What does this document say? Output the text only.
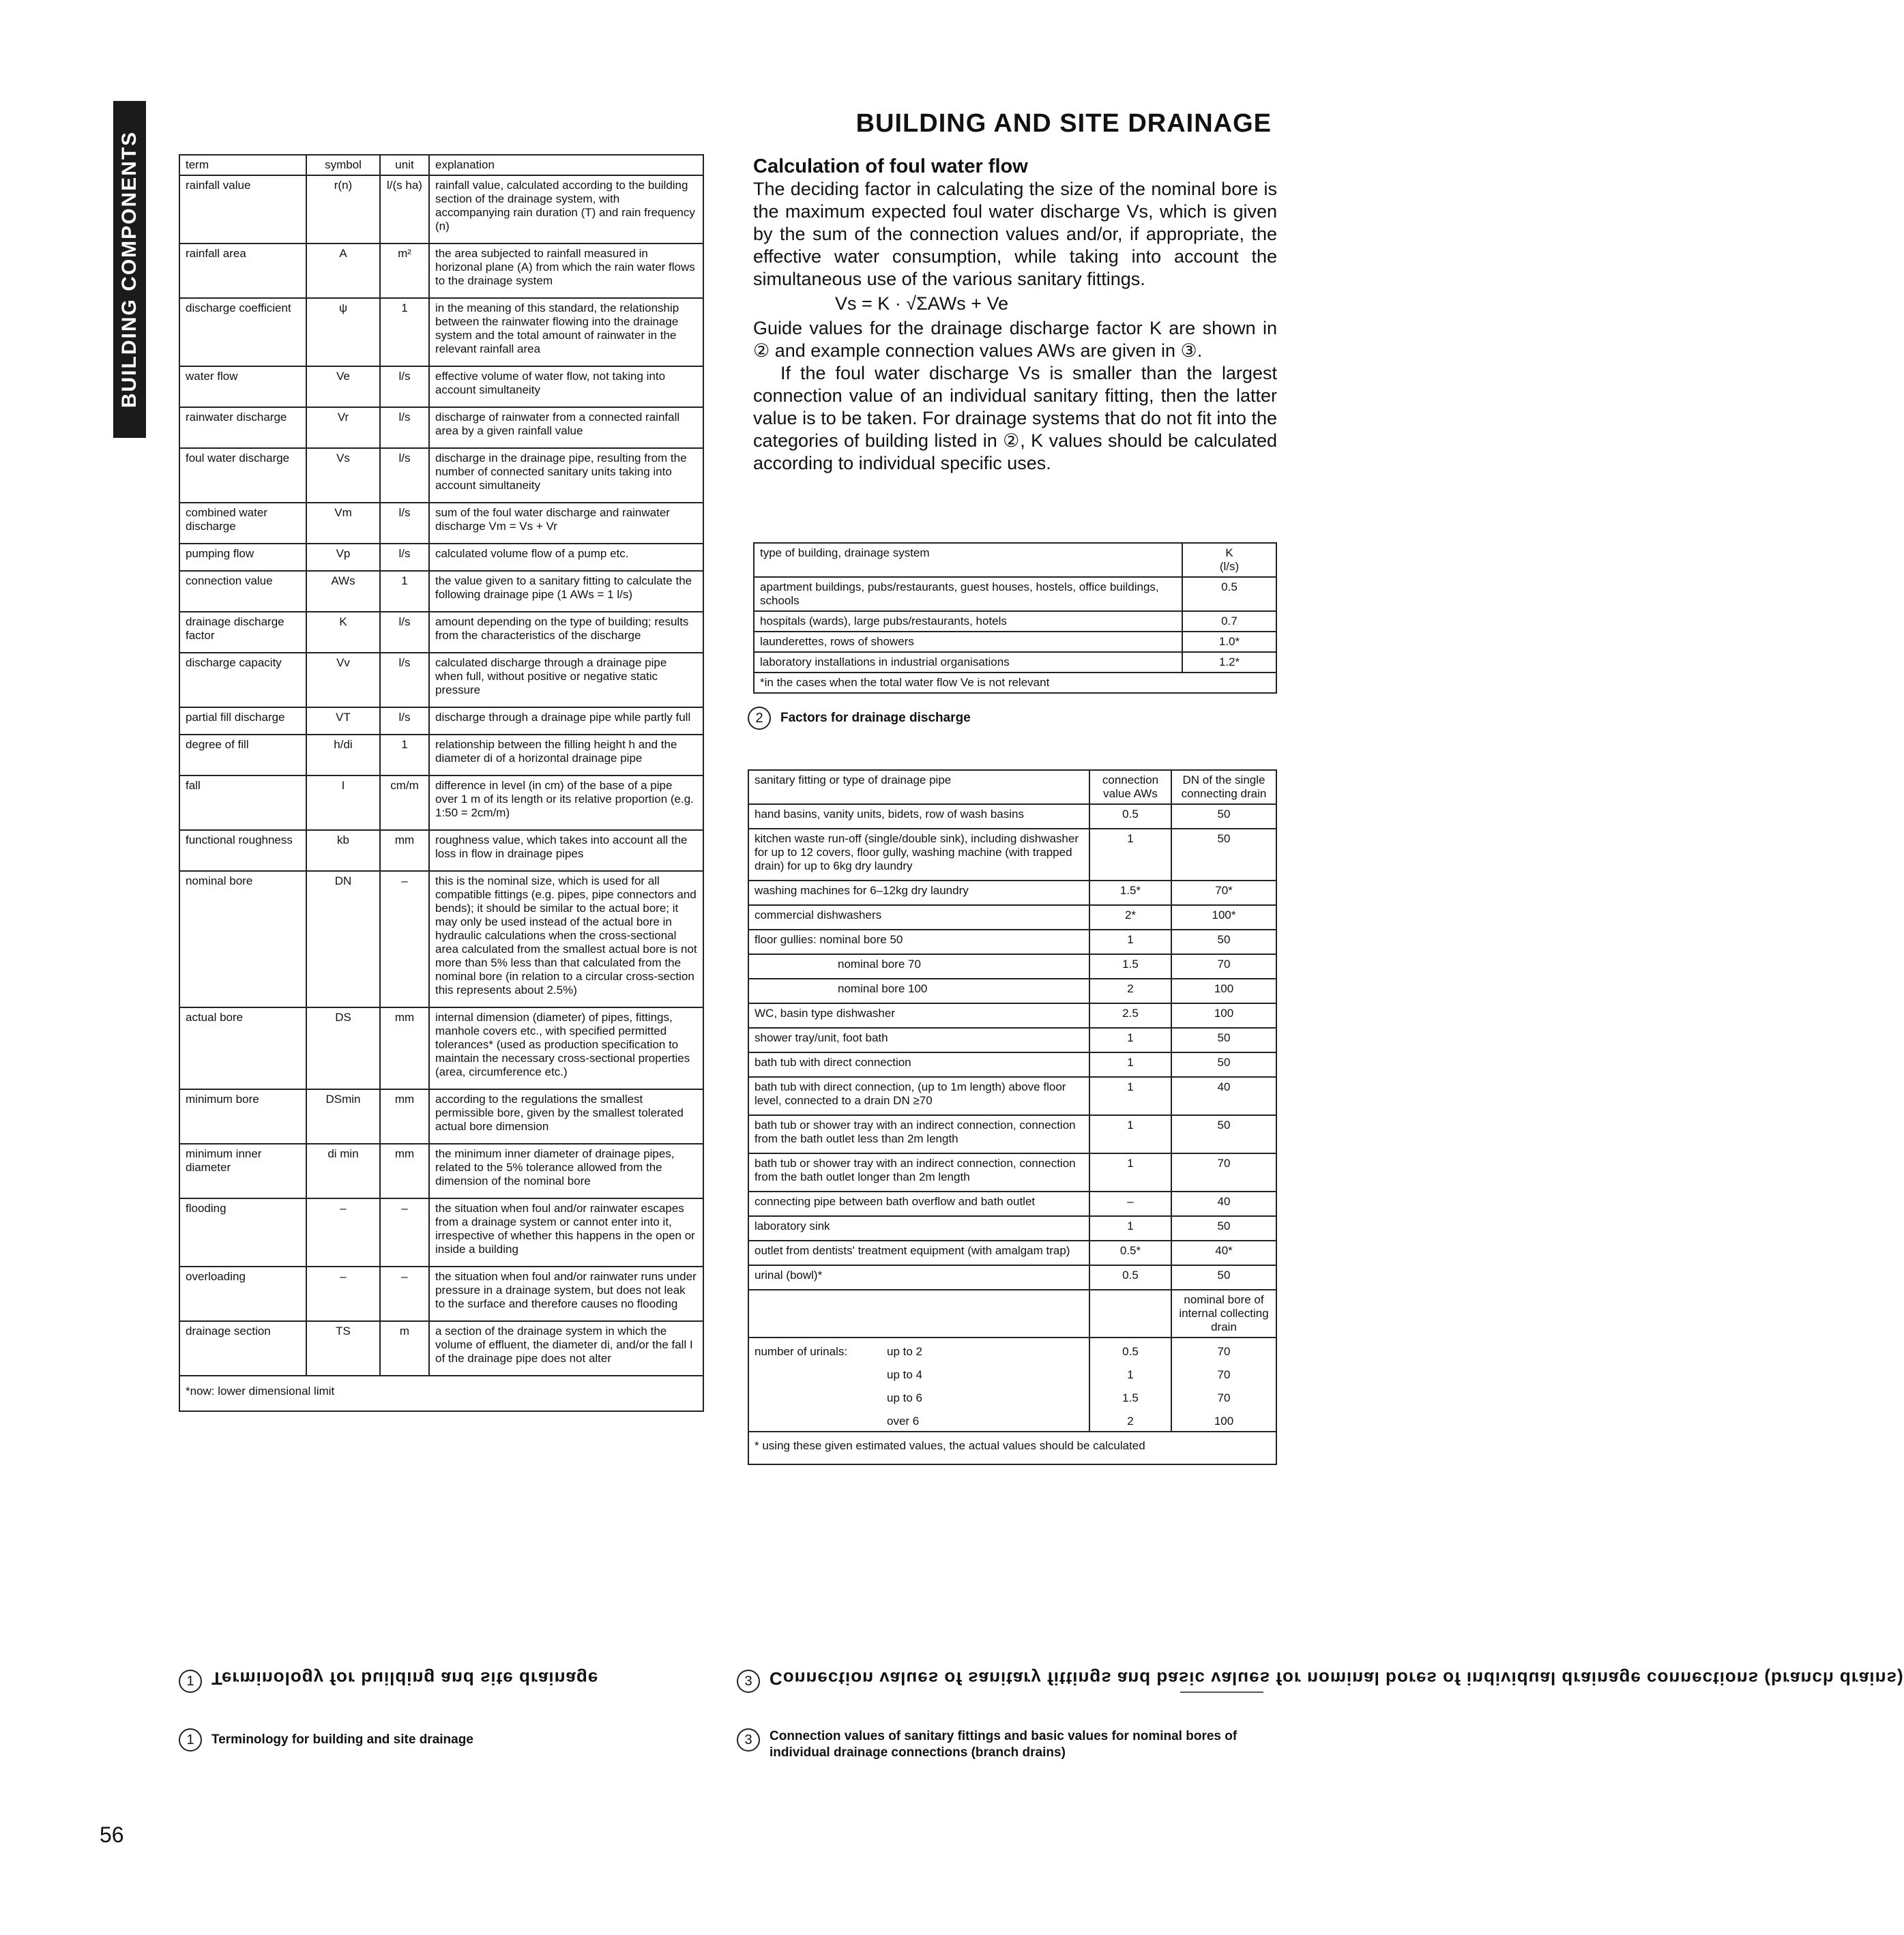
BUILDING COMPONENTS
BUILDING AND SITE DRAINAGE
term	symbol	unit	explanation
rainfall value	r(n)	l/(s ha)	rainfall value, calculated according to the building section of the drainage system, with accompanying rain duration (T) and rain frequency (n)
rainfall area	A	m²	the area subjected to rainfall measured in horizonal plane (A) from which the rain water flows to the drainage system
discharge coefficient	ψ	1	in the meaning of this standard, the relationship between the rainwater flowing into the drainage system and the total amount of rainwater in the relevant rainfall area
water flow	Ve	l/s	effective volume of water flow, not taking into account simultaneity
rainwater discharge	Vr	l/s	discharge of rainwater from a connected rainfall area by a given rainfall value
foul water discharge	Vs	l/s	discharge in the drainage pipe, resulting from the number of connected sanitary units taking into account simultaneity
combined water discharge	Vm	l/s	sum of the foul water discharge and rainwater discharge Vm = Vs + Vr
pumping flow	Vp	l/s	calculated volume flow of a pump etc.
connection value	AWs	1	the value given to a sanitary fitting to calculate the following drainage pipe (1 AWs = 1 l/s)
drainage discharge factor	K	l/s	amount depending on the type of building; results from the characteristics of the discharge
discharge capacity	Vv	l/s	calculated discharge through a drainage pipe when full, without positive or negative static pressure
partial fill discharge	VT	l/s	discharge through a drainage pipe while partly full
degree of fill	h/di	1	relationship between the filling height h and the diameter di of a horizontal drainage pipe
fall	I	cm/m	difference in level (in cm) of the base of a pipe over 1 m of its length or its relative proportion (e.g. 1:50 = 2cm/m)
functional roughness	kb	mm	roughness value, which takes into account all the loss in flow in drainage pipes
nominal bore	DN	–	this is the nominal size, which is used for all compatible fittings (e.g. pipes, pipe connectors and bends); it should be similar to the actual bore; it may only be used instead of the actual bore in hydraulic calculations when the cross-sectional area calculated from the smallest actual bore is not more than 5% less than that calculated from the nominal bore (in relation to a circular cross-section this represents about 2.5%)
actual bore	DS	mm	internal dimension (diameter) of pipes, fittings, manhole covers etc., with specified permitted tolerances* (used as production specification to maintain the necessary cross-sectional properties (area, circumference etc.)
minimum bore	DSmin	mm	according to the regulations the smallest permissible bore, given by the smallest tolerated actual bore dimension
minimum inner diameter	di min	mm	the minimum inner diameter of drainage pipes, related to the 5% tolerance allowed from the dimension of the nominal bore
flooding	–	–	the situation when foul and/or rainwater escapes from a drainage system or cannot enter into it, irrespective of whether this happens in the open or inside a building
overloading	–	–	the situation when foul and/or rainwater runs under pressure in a drainage system, but does not leak to the surface and therefore causes no flooding
drainage section	TS	m	a section of the drainage system in which the volume of effluent, the diameter di, and/or the fall I of the drainage pipe does not alter
*now: lower dimensional limit			
Calculation of foul water flow

The deciding factor in calculating the size of the nominal bore is the maximum expected foul water discharge Vs, which is given by the sum of the connection values and/or, if appropriate, the effective water consumption, while taking into account the simultaneous use of the various sanitary fittings.

Vs = K · √ΣAWs + Ve

Guide values for the drainage discharge factor K are shown in ② and example connection values AWs are given in ③.

If the foul water discharge Vs is smaller than the largest connection value of an individual sanitary fitting, then the latter value is to be taken. For drainage systems that do not fit into the categories of building listed in ②, K values should be calculated according to individual specific uses.

type of building, drainage system	K
(l/s)
apartment buildings, pubs/restaurants, guest houses, hostels, office buildings, schools	0.5
hospitals (wards), large pubs/restaurants, hotels	0.7
launderettes, rows of showers	1.0*
laboratory installations in industrial organisations	1.2*
*in the cases when the total water flow Ve is not relevant	
2 Factors for drainage discharge
sanitary fitting or type of drainage pipe	connection value AWs	DN of the single connecting drain
hand basins, vanity units, bidets, row of wash basins	0.5	50
kitchen waste run-off (single/double sink), including dishwasher for up to 12 covers, floor gully, washing machine (with trapped drain) for up to 6kg dry laundry	1	50
washing machines for 6–12kg dry laundry	1.5*	70*
commercial dishwashers	2*	100*
floor gullies: nominal bore 50	1	50
nominal bore 70	1.5	70
nominal bore 100	2	100
WC, basin type dishwasher	2.5	100
shower tray/unit, foot bath	1	50
bath tub with direct connection	1	50
bath tub with direct connection, (up to 1m length) above floor level, connected to a drain DN ≥70	1	40
bath tub or shower tray with an indirect connection, connection from the bath outlet less than 2m length	1	50
bath tub or shower tray with an indirect connection, connection from the bath outlet longer than 2m length	1	70
connecting pipe between bath overflow and bath outlet	–	40
laboratory sink	1	50
outlet from dentists' treatment equipment (with amalgam trap)	0.5*	40*
urinal (bowl)*	0.5	50
		nominal bore of internal collecting drain
number of urinals: up to 2	0.5	70
up to 4	1	70
up to 6	1.5	70
over 6	2	100
* using these given estimated values, the actual values should be calculated		
1 Terminology for building and site drainage
1 Terminology for building and site drainage
3 Connection values of sanitary fittings and basic values for nominal bores of individual drainage connections (branch drains)
3	Connection values of sanitary fittings and basic values for nominal bores of individual drainage connections (branch drains)
56
